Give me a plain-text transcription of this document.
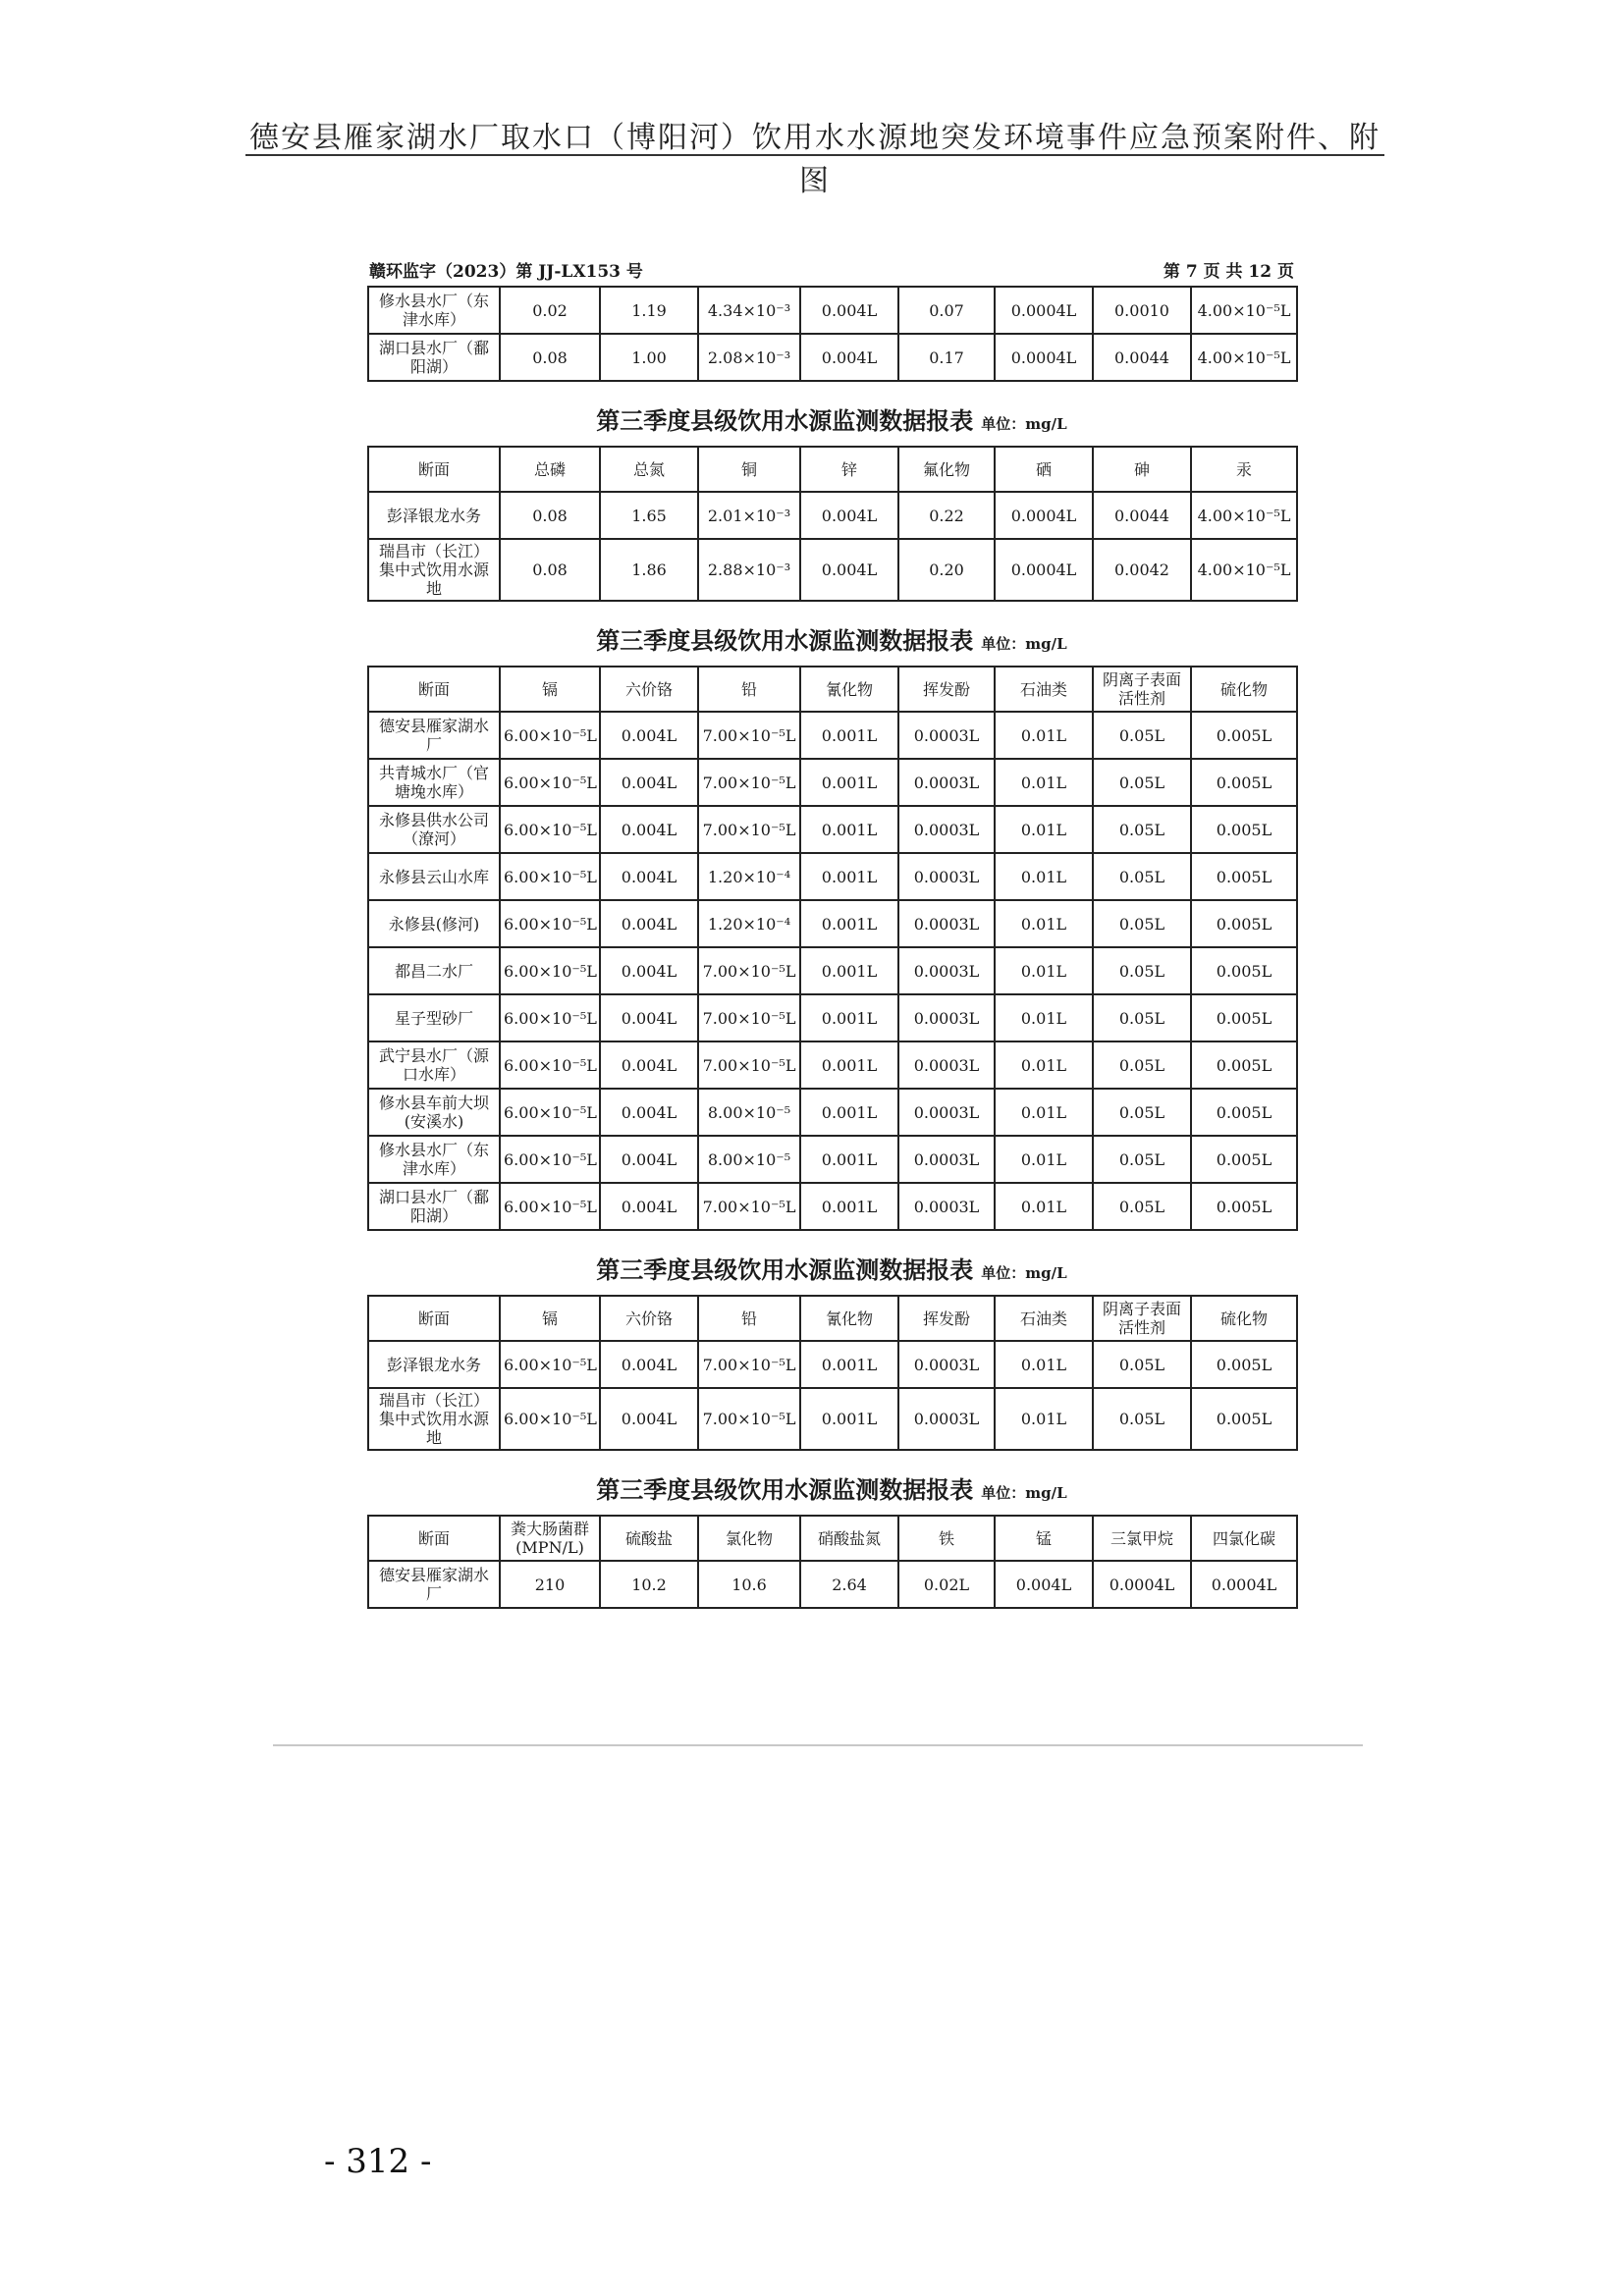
德安县雁家湖水厂取水口（博阳河）饮用水水源地突发环境事件应急预案附件、附图
赣环监字（2023）第 JJ-LX153 号	第 7 页 共 12 页
修水县水厂（东津水库）	0.02	1.19	4.34×10⁻³	0.004L	0.07	0.0004L	0.0010	4.00×10⁻⁵L
湖口县水厂（鄱阳湖）	0.08	1.00	2.08×10⁻³	0.004L	0.17	0.0004L	0.0044	4.00×10⁻⁵L
第三季度县级饮用水源监测数据报表 单位：mg/L
断面	总磷	总氮	铜	锌	氟化物	硒	砷	汞
彭泽银龙水务	0.08	1.65	2.01×10⁻³	0.004L	0.22	0.0004L	0.0044	4.00×10⁻⁵L
瑞昌市（长江）集中式饮用水源地	0.08	1.86	2.88×10⁻³	0.004L	0.20	0.0004L	0.0042	4.00×10⁻⁵L
第三季度县级饮用水源监测数据报表 单位：mg/L
断面	镉	六价铬	铅	氰化物	挥发酚	石油类	阴离子表面活性剂	硫化物
德安县雁家湖水厂	6.00×10⁻⁵L	0.004L	7.00×10⁻⁵L	0.001L	0.0003L	0.01L	0.05L	0.005L
共青城水厂（官塘堍水库）	6.00×10⁻⁵L	0.004L	7.00×10⁻⁵L	0.001L	0.0003L	0.01L	0.05L	0.005L
永修县供水公司（潦河）	6.00×10⁻⁵L	0.004L	7.00×10⁻⁵L	0.001L	0.0003L	0.01L	0.05L	0.005L
永修县云山水库	6.00×10⁻⁵L	0.004L	1.20×10⁻⁴	0.001L	0.0003L	0.01L	0.05L	0.005L
永修县(修河)	6.00×10⁻⁵L	0.004L	1.20×10⁻⁴	0.001L	0.0003L	0.01L	0.05L	0.005L
都昌二水厂	6.00×10⁻⁵L	0.004L	7.00×10⁻⁵L	0.001L	0.0003L	0.01L	0.05L	0.005L
星子型砂厂	6.00×10⁻⁵L	0.004L	7.00×10⁻⁵L	0.001L	0.0003L	0.01L	0.05L	0.005L
武宁县水厂（源口水库）	6.00×10⁻⁵L	0.004L	7.00×10⁻⁵L	0.001L	0.0003L	0.01L	0.05L	0.005L
修水县车前大坝(安溪水)	6.00×10⁻⁵L	0.004L	8.00×10⁻⁵	0.001L	0.0003L	0.01L	0.05L	0.005L
修水县水厂（东津水库）	6.00×10⁻⁵L	0.004L	8.00×10⁻⁵	0.001L	0.0003L	0.01L	0.05L	0.005L
湖口县水厂（鄱阳湖）	6.00×10⁻⁵L	0.004L	7.00×10⁻⁵L	0.001L	0.0003L	0.01L	0.05L	0.005L
第三季度县级饮用水源监测数据报表 单位：mg/L
断面	镉	六价铬	铅	氰化物	挥发酚	石油类	阴离子表面活性剂	硫化物
彭泽银龙水务	6.00×10⁻⁵L	0.004L	7.00×10⁻⁵L	0.001L	0.0003L	0.01L	0.05L	0.005L
瑞昌市（长江）集中式饮用水源地	6.00×10⁻⁵L	0.004L	7.00×10⁻⁵L	0.001L	0.0003L	0.01L	0.05L	0.005L
第三季度县级饮用水源监测数据报表 单位：mg/L
断面	粪大肠菌群(MPN/L)	硫酸盐	氯化物	硝酸盐氮	铁	锰	三氯甲烷	四氯化碳
德安县雁家湖水厂	210	10.2	10.6	2.64	0.02L	0.004L	0.0004L	0.0004L
- 312 -
